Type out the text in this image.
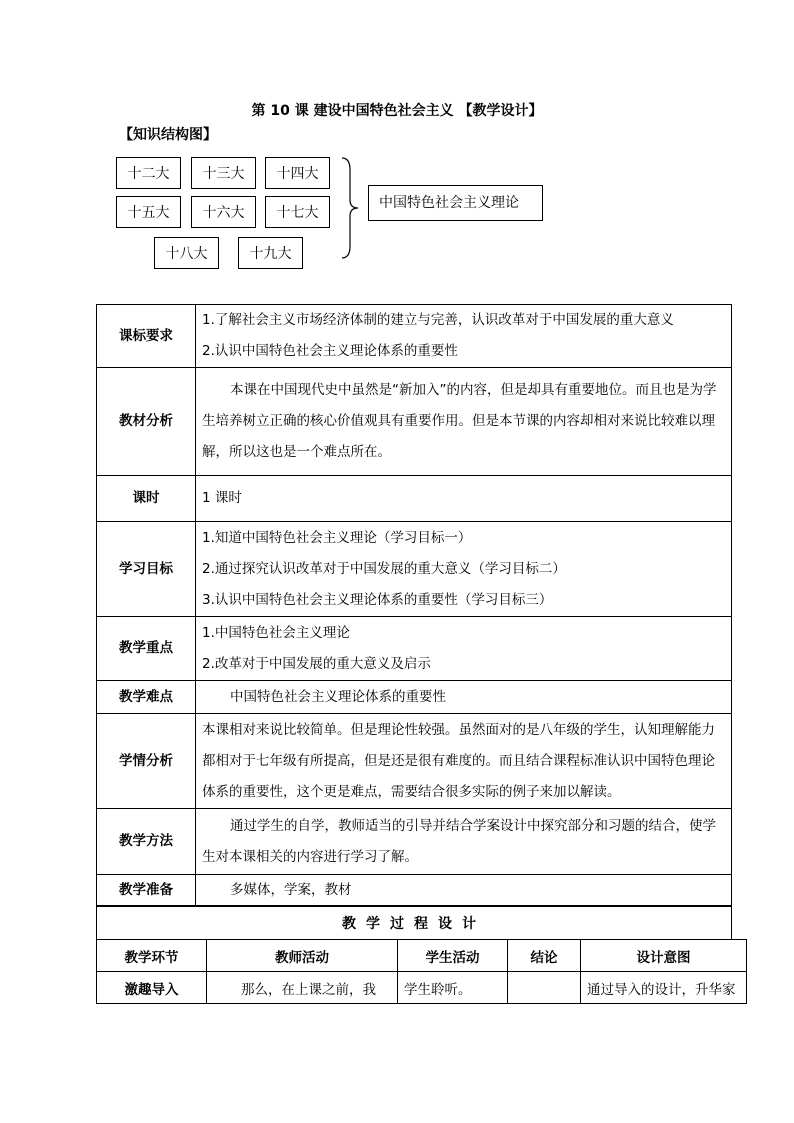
第 10 课 建设中国特色社会主义 【教学设计】
【知识结构图】
十二大	十三大	十四大
十五大	十六大	十七大
十八大	十九大
中国特色社会主义理论
课标要求	1.了解社会主义市场经济体制的建立与完善，认识改革对于中国发展的重大意义
2.认识中国特色社会主义理论体系的重要性

教材分析	本课在中国现代史中虽然是“新加入”的内容，但是却具有重要地位。而且也是为学生培养树立正确的核心价值观具有重要作用。但是本节课的内容却相对来说比较难以理解，所以这也是一个难点所在。

课时	1 课时
学习目标	1.知道中国特色社会主义理论（学习目标一）
2.通过探究认识改革对于中国发展的重大意义（学习目标二）
3.认识中国特色社会主义理论体系的重要性（学习目标三）

教学重点	1.中国特色社会主义理论
2.改革对于中国发展的重大意义及启示

教学难点	中国特色社会主义理论体系的重要性

学情分析	本课相对来说比较简单。但是理论性较强。虽然面对的是八年级的学生，认知理解能力都相对于七年级有所提高，但是还是很有难度的。而且结合课程标准认识中国特色理论体系的重要性，这个更是难点，需要结合很多实际的例子来加以解读。
教学方法	通过学生的自学，教师适当的引导并结合学案设计中探究部分和习题的结合，使学生对本课相关的内容进行学习了解。

教学准备	多媒体，学案，教材
教学过程设计
教学环节	教师活动	学生活动	结论	设计意图
激趣导入	那么，在上课之前，我	学生聆听。		通过导入的设计，升华家
